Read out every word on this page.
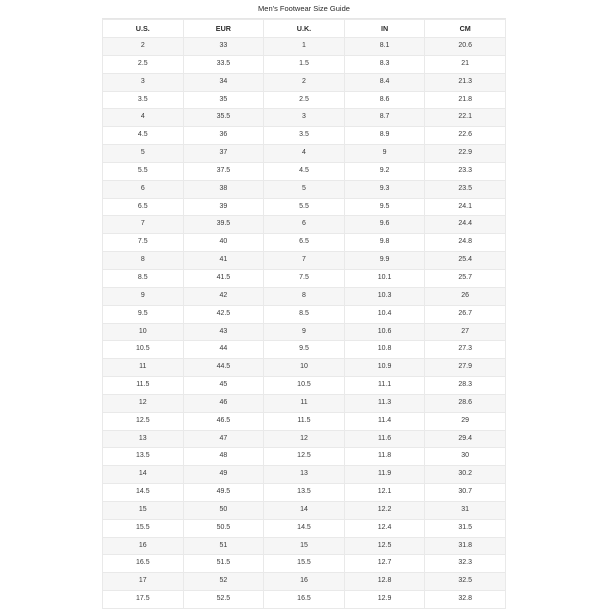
Men's Footwear Size Guide
U.S.	EUR	U.K.	IN	CM
2	33	1	8.1	20.6
2.5	33.5	1.5	8.3	21
3	34	2	8.4	21.3
3.5	35	2.5	8.6	21.8
4	35.5	3	8.7	22.1
4.5	36	3.5	8.9	22.6
5	37	4	9	22.9
5.5	37.5	4.5	9.2	23.3
6	38	5	9.3	23.5
6.5	39	5.5	9.5	24.1
7	39.5	6	9.6	24.4
7.5	40	6.5	9.8	24.8
8	41	7	9.9	25.4
8.5	41.5	7.5	10.1	25.7
9	42	8	10.3	26
9.5	42.5	8.5	10.4	26.7
10	43	9	10.6	27
10.5	44	9.5	10.8	27.3
11	44.5	10	10.9	27.9
11.5	45	10.5	11.1	28.3
12	46	11	11.3	28.6
12.5	46.5	11.5	11.4	29
13	47	12	11.6	29.4
13.5	48	12.5	11.8	30
14	49	13	11.9	30.2
14.5	49.5	13.5	12.1	30.7
15	50	14	12.2	31
15.5	50.5	14.5	12.4	31.5
16	51	15	12.5	31.8
16.5	51.5	15.5	12.7	32.3
17	52	16	12.8	32.5
17.5	52.5	16.5	12.9	32.8
